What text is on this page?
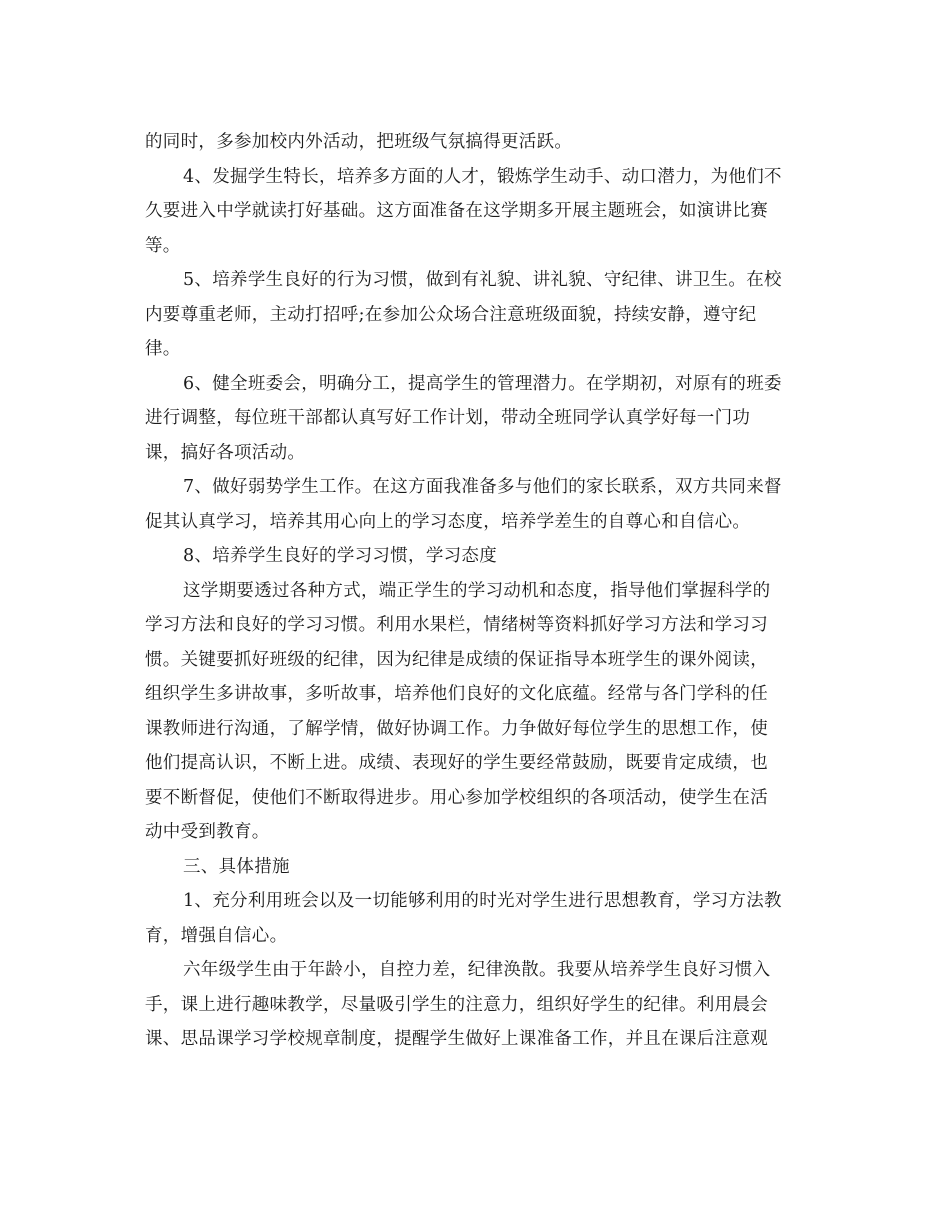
的同时，多参加校内外活动，把班级气氛搞得更活跃。
4、发掘学生特长，培养多方面的人才，锻炼学生动手、动口潜力，为他们不
久要进入中学就读打好基础。这方面准备在这学期多开展主题班会，如演讲比赛
等。
5、培养学生良好的行为习惯，做到有礼貌、讲礼貌、守纪律、讲卫生。在校
内要尊重老师，主动打招呼;在参加公众场合注意班级面貌，持续安静，遵守纪
律。
6、健全班委会，明确分工，提高学生的管理潜力。在学期初，对原有的班委
进行调整，每位班干部都认真写好工作计划，带动全班同学认真学好每一门功
课，搞好各项活动。
7、做好弱势学生工作。在这方面我准备多与他们的家长联系，双方共同来督
促其认真学习，培养其用心向上的学习态度，培养学差生的自尊心和自信心。
8、培养学生良好的学习习惯，学习态度
这学期要透过各种方式，端正学生的学习动机和态度，指导他们掌握科学的
学习方法和良好的学习习惯。利用水果栏，情绪树等资料抓好学习方法和学习习
惯。关键要抓好班级的纪律，因为纪律是成绩的保证指导本班学生的课外阅读，
组织学生多讲故事，多听故事，培养他们良好的文化底蕴。经常与各门学科的任
课教师进行沟通，了解学情，做好协调工作。力争做好每位学生的思想工作，使
他们提高认识，不断上进。成绩、表现好的学生要经常鼓励，既要肯定成绩，也
要不断督促，使他们不断取得进步。用心参加学校组织的各项活动，使学生在活
动中受到教育。
三、具体措施
1、充分利用班会以及一切能够利用的时光对学生进行思想教育，学习方法教
育，增强自信心。
六年级学生由于年龄小，自控力差，纪律涣散。我要从培养学生良好习惯入
手，课上进行趣味教学，尽量吸引学生的注意力，组织好学生的纪律。利用晨会
课、思品课学习学校规章制度，提醒学生做好上课准备工作，并且在课后注意观
